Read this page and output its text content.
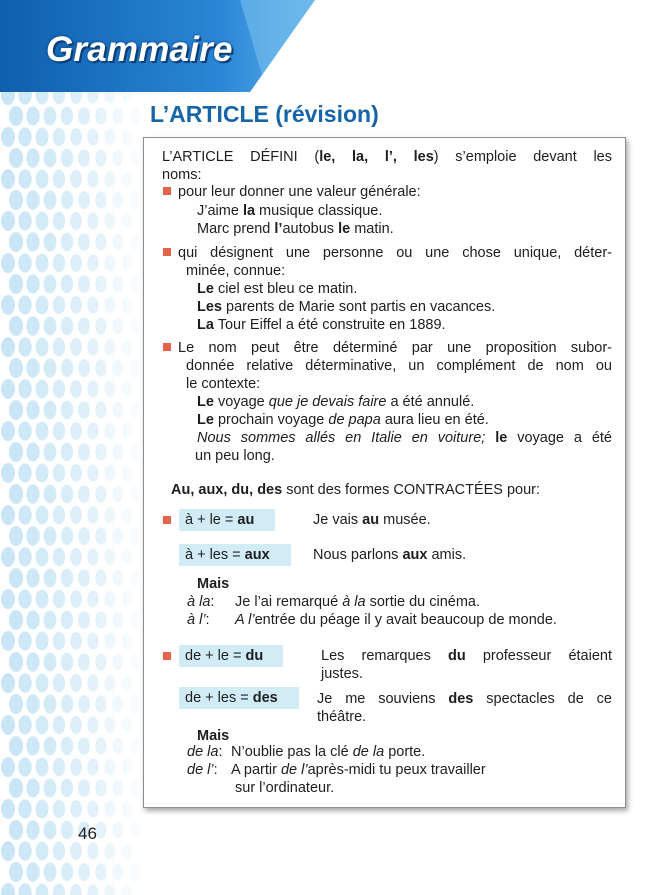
Grammaire
L’ARTICLE (révision)
L’ARTICLE DÉFINI (le, la, l’, les) s’emploie devant les
noms:
pour leur donner une valeur générale:
J’aime la musique classique.
Marc prend l’autobus le matin.
qui désignent une personne ou une chose unique, déter-
minée, connue:
Le ciel est bleu ce matin.
Les parents de Marie sont partis en vacances.
La Tour Eiffel a été construite en 1889.
Le nom peut être déterminé par une proposition subor-
donnée relative déterminative, un complément de nom ou
le contexte:
Le voyage que je devais faire a été annulé.
Le prochain voyage de papa aura lieu en été.
Nous sommes allés en Italie en voiture; le voyage a été
un peu long.
Au, aux, du, des sont des formes CONTRACTÉES pour:
à + le = au	Je vais au musée.
à + les = aux	Nous parlons aux amis.
Mais
à la: Je l’ai remarqué à la sortie du cinéma.
à l’: A l’entrée du péage il y avait beaucoup de monde.
de + le = du	Les remarques du professeur étaient
justes.
de + les = des	Je me souviens des spectacles de ce
théâtre.
Mais
de la: N’oublie pas la clé de la porte.
de l’: A partir de l’après-midi tu peux travailler
sur l’ordinateur.
46
